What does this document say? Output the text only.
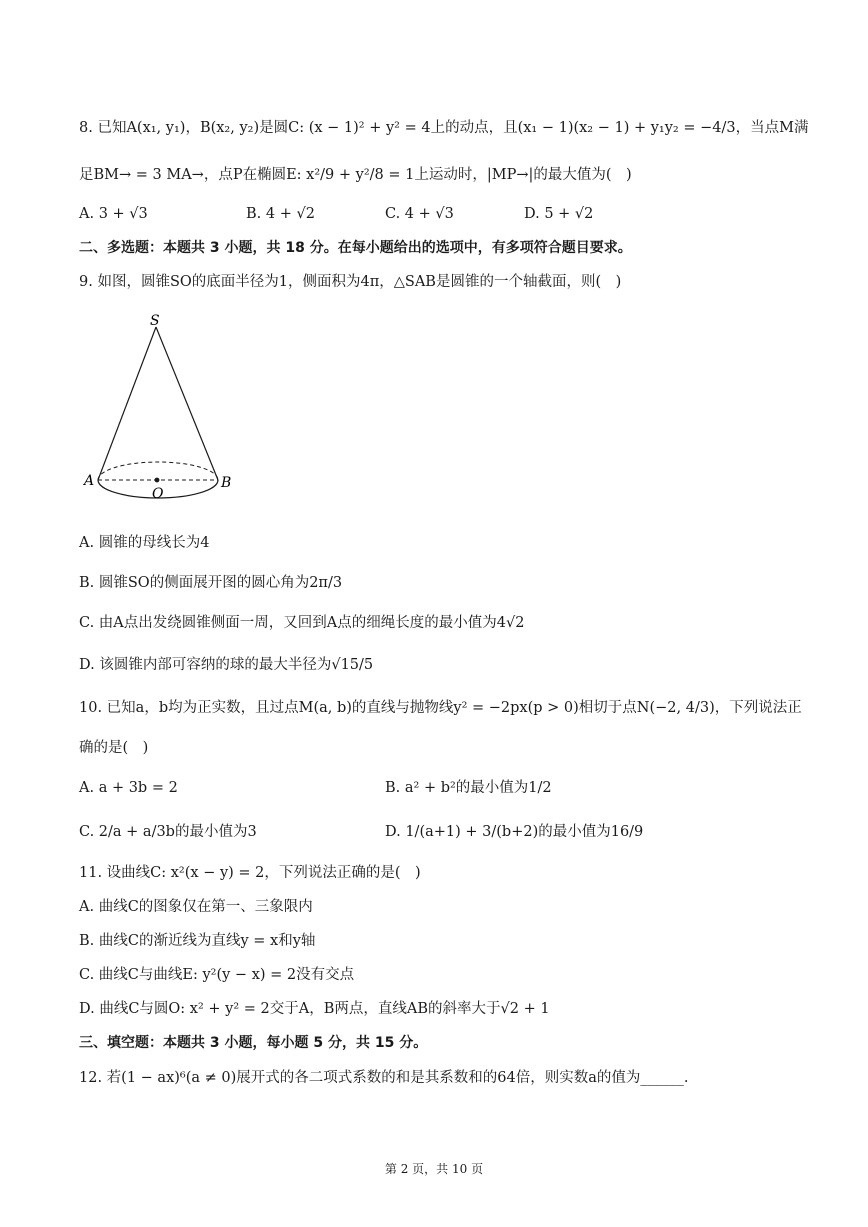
8. 已知A(x₁, y₁)，B(x₂, y₂)是圆C: (x − 1)² + y² = 4上的动点，且(x₁ − 1)(x₂ − 1) + y₁y₂ = −4/3，当点M满
足BM→ = 3 MA→，点P在椭圆E: x²/9 + y²/8 = 1上运动时，|MP→|的最大值为(　)
A. 3 + √3	B. 4 + √2	C. 4 + √3	D. 5 + √2
二、多选题：本题共 3 小题，共 18 分。在每小题给出的选项中，有多项符合题目要求。
9. 如图，圆锥SO的底面半径为1，侧面积为4π，△SAB是圆锥的一个轴截面，则(　)
S
A	B
O
A. 圆锥的母线长为4
B. 圆锥SO的侧面展开图的圆心角为2π/3
C. 由A点出发绕圆锥侧面一周，又回到A点的细绳长度的最小值为4√2
D. 该圆锥内部可容纳的球的最大半径为√15/5
10. 已知a，b均为正实数，且过点M(a, b)的直线与抛物线y² = −2px(p > 0)相切于点N(−2, 4/3)，下列说法正
确的是(　)
A. a + 3b = 2	B. a² + b²的最小值为1/2
C. 2/a + a/3b的最小值为3	D. 1/(a+1) + 3/(b+2)的最小值为16/9
11. 设曲线C: x²(x − y) = 2，下列说法正确的是(　)
A. 曲线C的图象仅在第一、三象限内
B. 曲线C的渐近线为直线y = x和y轴
C. 曲线C与曲线E: y²(y − x) = 2没有交点
D. 曲线C与圆O: x² + y² = 2交于A，B两点，直线AB的斜率大于√2 + 1
三、填空题：本题共 3 小题，每小题 5 分，共 15 分。
12. 若(1 − ax)⁶(a ≠ 0)展开式的各二项式系数的和是其系数和的64倍，则实数a的值为______.
第 2 页，共 10 页
